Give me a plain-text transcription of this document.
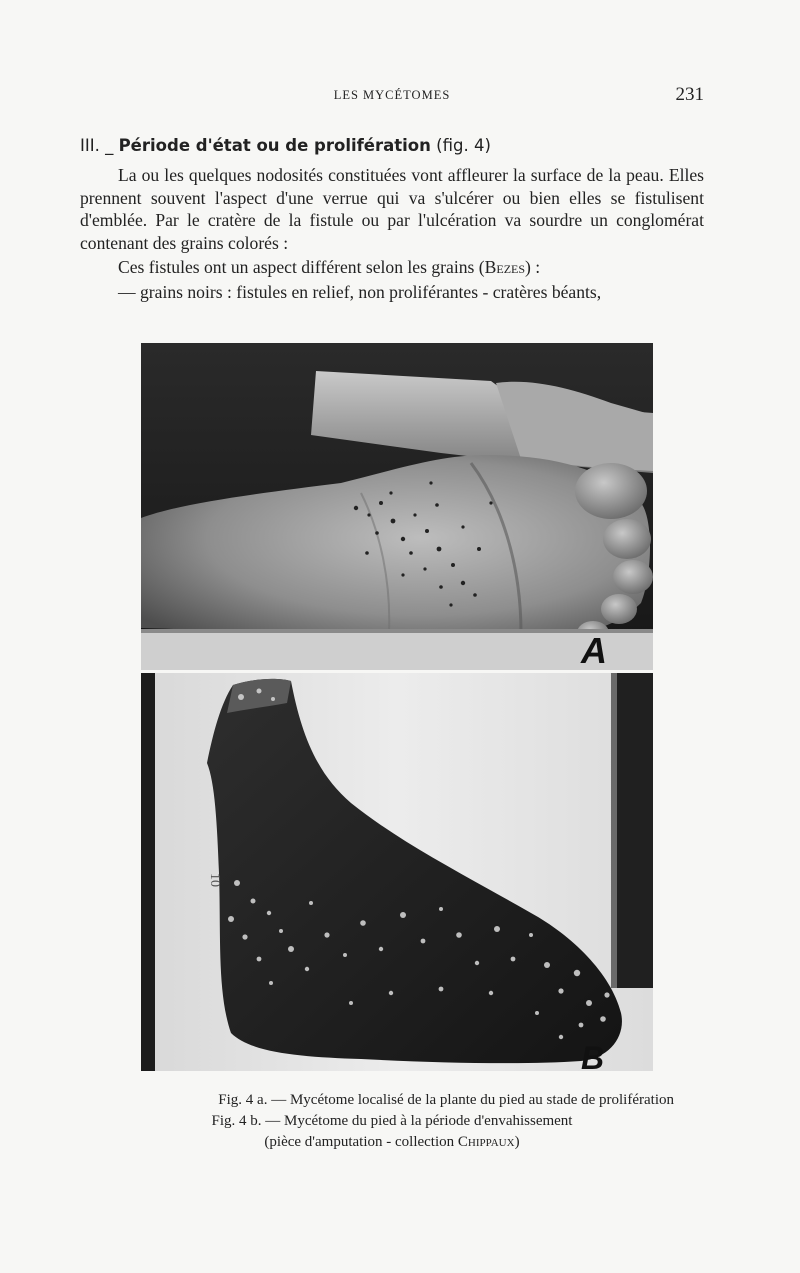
LES MYCÉTOMES	231
III. _ Période d'état ou de prolifération (fig. 4)

La ou les quelques nodosités constituées vont affleurer la surface de la peau. Elles prennent souvent l'aspect d'une verrue qui va s'ulcérer ou bien elles se fistulisent d'emblée. Par le cratère de la fistule ou par l'ulcération va sourdre un conglomérat contenant des grains colorés :

Ces fistules ont un aspect différent selon les grains (Bezes) :

— grains noirs : fistules en relief, non proliférantes - cratères béants,

A
10
B
Fig. 4 a. — Mycétome localisé de la plante du pied au stade de prolifération
Fig. 4 b. — Mycétome du pied à la période d'envahissement
(pièce d'amputation - collection Chippaux)
